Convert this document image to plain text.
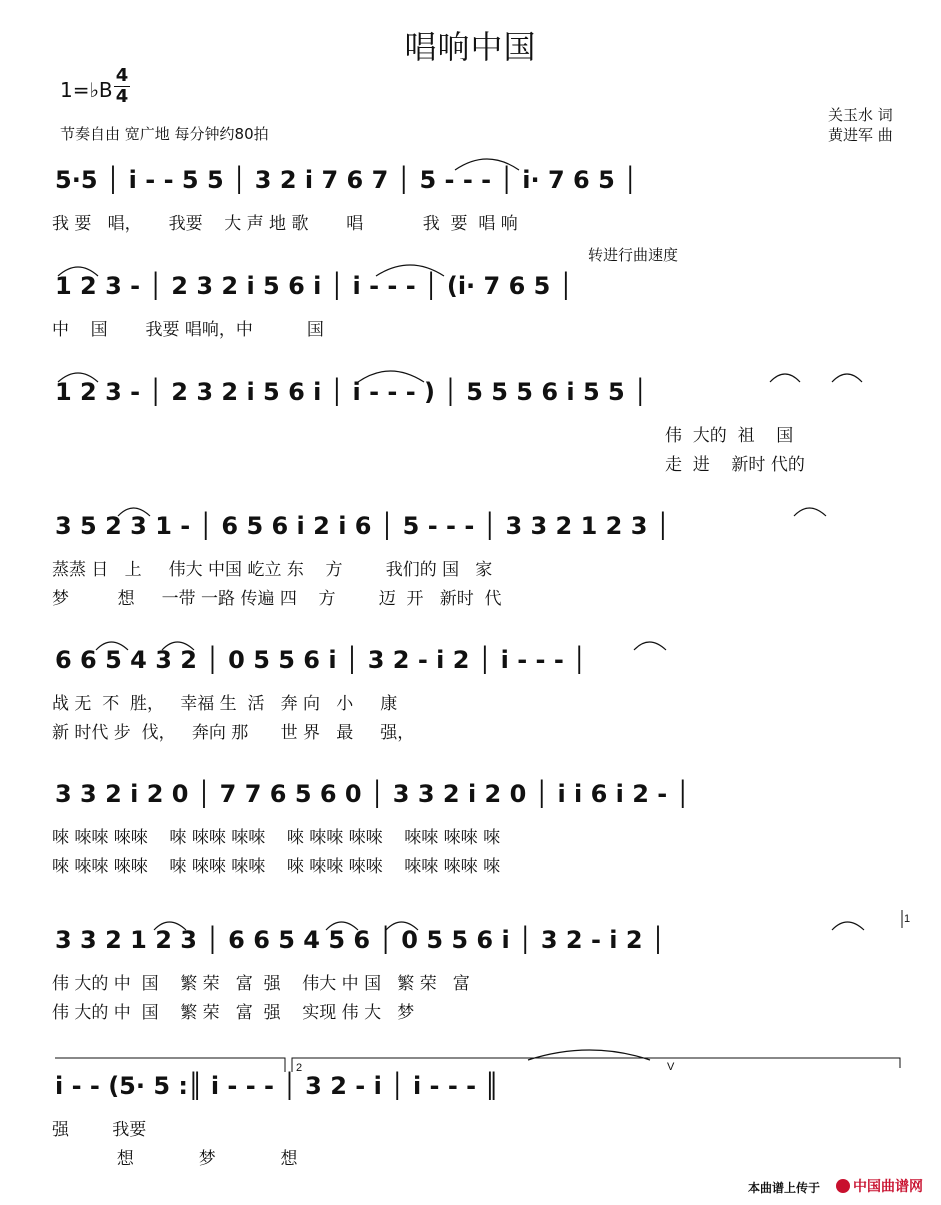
唱响中国
1=♭B
4
4
节奏自由 宽广地 每分钟约80拍
关玉水 词
黄进军 曲
转进行曲速度
5·5 │ i - - 5 5 │ 3 2 i 7 6 7 │ 5 - - - │ i· 7 6 5 │
我 要   唱，     我要    大 声 地 歌       唱           我  要  唱 响
1 2 3 - │ 2 3 2 i 5 6 i │ i - - - │ (i· 7 6 5 │
中    国       我要 唱响，中          国
1 2 3 - │ 2 3 2 i 5 6 i │ i - - - ) │ 5 5 5 6 i 5 5 │
伟  大的  祖    国
走  进    新时 代的
3 5 2 3 1 - │ 6 5 6 i 2 i 6 │ 5 - - - │ 3 3 2 1 2 3 │
蒸蒸 日   上     伟大 中国 屹立 东    方        我们的 国   家
梦         想     一带 一路 传遍 四    方        迈  开   新时  代
6 6 5 4 3 2 │ 0 5 5 6 i │ 3 2 - i 2 │ i - - - │
战 无  不  胜，   幸福 生  活   奔 向   小     康
新 时代 步  伐，   奔向 那      世 界   最     强，
3 3 2 i 2 0 │ 7 7 6 5 6 0 │ 3 3 2 i 2 0 │ i i 6 i 2 - │
唻 唻唻 唻唻    唻 唻唻 唻唻    唻 唻唻 唻唻    唻唻 唻唻 唻
唻 唻唻 唻唻    唻 唻唻 唻唻    唻 唻唻 唻唻    唻唻 唻唻 唻
3 3 2 1 2 3 │ 6 6 5 4 5 6 │ 0 5 5 6 i │ 3 2 - i 2 │
伟 大的 中  国    繁 荣   富  强    伟大 中 国   繁 荣   富
伟 大的 中  国    繁 荣   富  强    实现 伟 大   梦
i - - (5· 5 :║ i - - - │ 3 2 - i │ i - - - ║
强        我要
想            梦            想
1
2	V
本曲谱上传于 中国曲谱网
